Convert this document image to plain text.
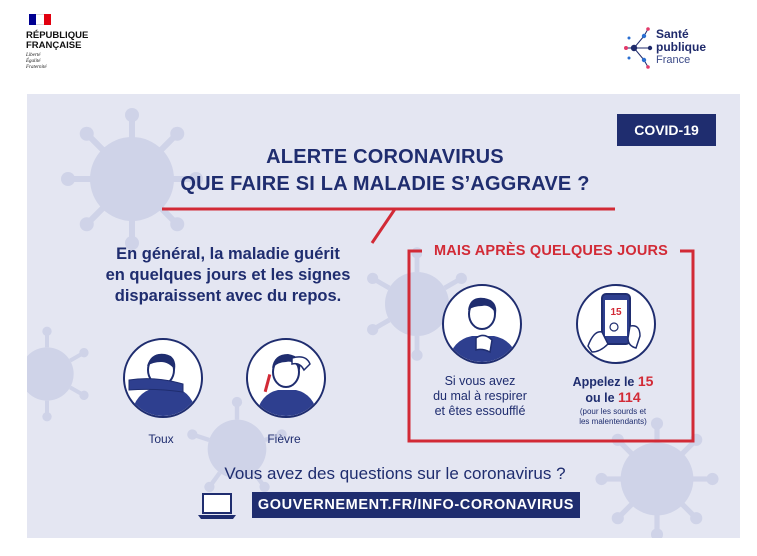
RÉPUBLIQUE
FRANÇAISE
Liberté
Égalité
Fraternité
Santé
publique
France
COVID-19
ALERTE CORONAVIRUS
QUE FAIRE SI LA MALADIE S’AGGRAVE ?
En général, la maladie guérit
en quelques jours et les signes
disparaissent avec du repos.
Toux	Fièvre
MAIS APRÈS QUELQUES JOURS
Si vous avez
du mal à respirer
et êtes essoufflé
15
Appelez le 15
ou le 114
(pour les sourds et
les malentendants)
Vous avez des questions sur le coronavirus ?
GOUVERNEMENT.FR/INFO-CORONAVIRUS
